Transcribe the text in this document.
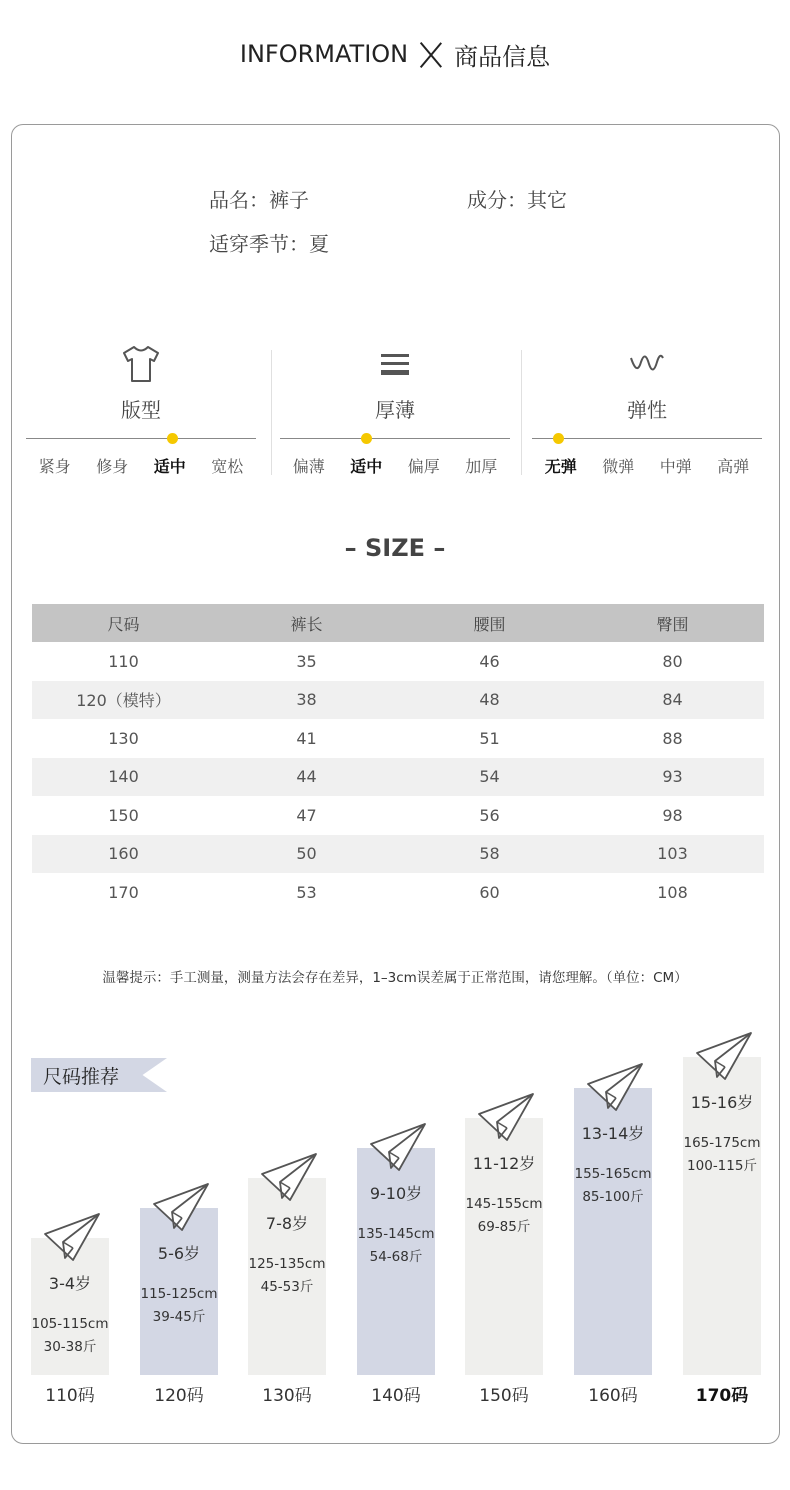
INFORMATION 商品信息
品名：裤子	成分：其它
适穿季节：夏
版型
紧身 修身 适中 宽松
厚薄
偏薄 适中 偏厚 加厚
弹性
无弹 微弹 中弹 高弹
– SIZE –
尺码	裤长	腰围	臀围
110	35	46	80
120（模特）	38	48	84
130	41	51	88
140	44	54	93
150	47	56	98
160	50	58	103
170	53	60	108
温馨提示：手工测量，测量方法会存在差异，1–3cm误差属于正常范围，请您理解。（单位：CM）
尺码推荐
3-4岁
105-115cm
30-38斤
110码
5-6岁
115-125cm
39-45斤
120码
7-8岁
125-135cm
45-53斤
130码
9-10岁
135-145cm
54-68斤
140码
11-12岁
145-155cm
69-85斤
150码
13-14岁
155-165cm
85-100斤
160码
15-16岁
165-175cm
100-115斤
170码
